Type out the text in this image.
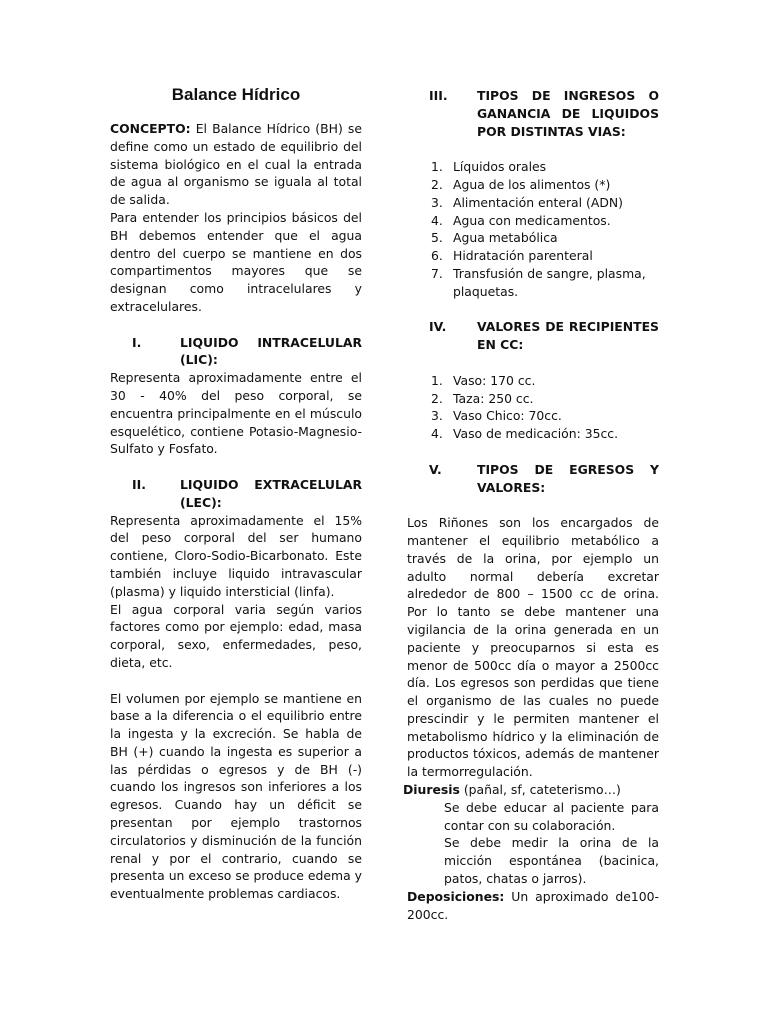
Balance Hídrico

CONCEPTO: El Balance Hídrico (BH) se define como un estado de equilibrio del sistema biológico en el cual la entrada de agua al organismo se iguala al total de salida.

Para entender los principios básicos del BH debemos entender que el agua dentro del cuerpo se mantiene en dos compartimentos mayores que se designan como intracelulares y extracelulares.

I.	LIQUIDO INTRACELULAR
(LIC):

Representa aproximadamente entre el 30 - 40% del peso corporal, se encuentra principalmente en el músculo esquelético, contiene Potasio-Magnesio-Sulfato y Fosfato.

II.	LIQUIDO EXTRACELULAR
(LEC):

Representa aproximadamente el 15% del peso corporal del ser humano contiene, Cloro-Sodio-Bicarbonato. Este también incluye liquido intravascular (plasma) y liquido intersticial (linfa).

El agua corporal varia según varios factores como por ejemplo: edad, masa corporal, sexo, enfermedades, peso, dieta, etc.

El volumen por ejemplo se mantiene en base a la diferencia o el equilibrio entre la ingesta y la excreción. Se habla de BH (+) cuando la ingesta es superior a las pérdidas o egresos y de BH (-) cuando los ingresos son inferiores a los egresos. Cuando hay un déficit se presentan por ejemplo trastornos circulatorios y disminución de la función renal y por el contrario, cuando se presenta un exceso se produce edema y eventualmente problemas cardiacos.

III.	TIPOS DE INGRESOS O
GANANCIA DE LIQUIDOS
POR DISTINTAS VIAS:
1. Líquidos orales
2. Agua de los alimentos (*)
3. Alimentación enteral (ADN)
4. Agua con medicamentos.
5. Agua metabólica
6. Hidratación parenteral
7. Transfusión de sangre, plasma, plaquetas.
IV.	VALORES DE RECIPIENTES
EN CC:
1. Vaso: 170 cc.
2. Taza: 250 cc.
3. Vaso Chico: 70cc.
4. Vaso de medicación: 35cc.
V.	TIPOS DE EGRESOS Y
VALORES:

Los Riñones son los encargados de mantener el equilibrio metabólico a través de la orina, por ejemplo un adulto normal debería excretar alrededor de 800 – 1500 cc de orina. Por lo tanto se debe mantener una vigilancia de la orina generada en un paciente y preocuparnos si esta es menor de 500cc día o mayor a 2500cc día. Los egresos son perdidas que tiene el organismo de las cuales no puede prescindir y le permiten mantener el metabolismo hídrico y la eliminación de productos tóxicos, además de mantener la termorregulación.

Diuresis (pañal, sf, cateterismo…)

Se debe educar al paciente para contar con su colaboración.

Se debe medir la orina de la micción espontánea (bacinica, patos, chatas o jarros).

Deposiciones: Un aproximado de100-200cc.
